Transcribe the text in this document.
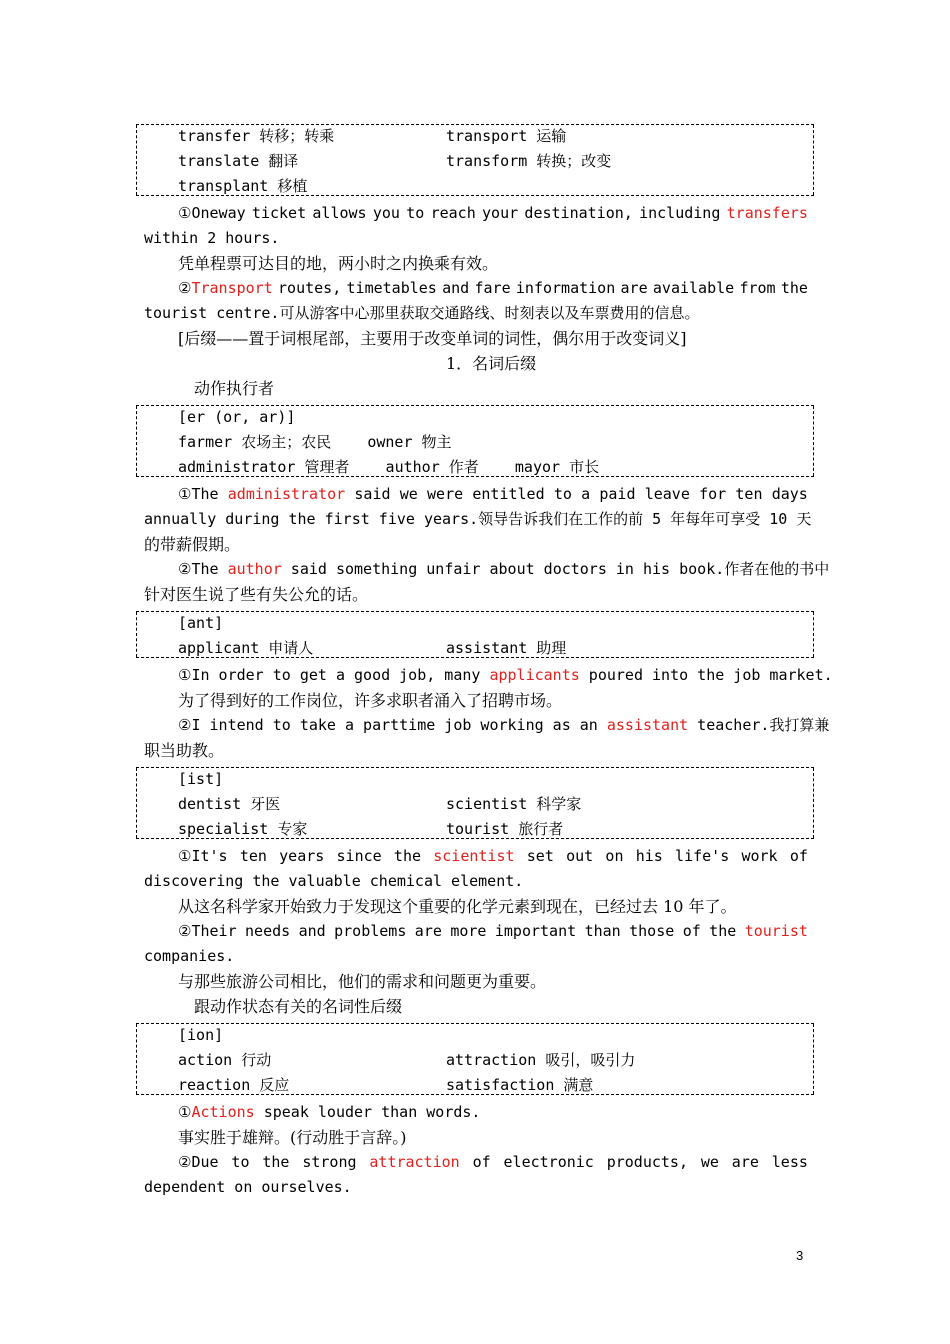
transfer 转移；转乘	transport 运输
translate 翻译	transform 转换；改变
transplant 移植
①Oneway ticket allows you to reach your destination, including transfers
within 2 hours.
凭单程票可达目的地，两小时之内换乘有效。
②Transport routes, timetables and fare information are available from the
tourist centre.可从游客中心那里获取交通路线、时刻表以及车票费用的信息。
[后缀——置于词根尾部，主要用于改变单词的词性，偶尔用于改变词义]
1．名词后缀
动作执行者
[er (or, ar)]
farmer 农场主；农民    owner 物主
administrator 管理者    author 作者    mayor 市长
①The administrator said we were entitled to a paid leave for ten days
annually during the first five years.领导告诉我们在工作的前 5 年每年可享受 10 天
的带薪假期。
②The author said something unfair about doctors in his book.作者在他的书中
针对医生说了些有失公允的话。
[ant]
applicant 申请人	assistant 助理
①In order to get a good job, many applicants poured into the job market.
为了得到好的工作岗位，许多求职者涌入了招聘市场。
②I intend to take a parttime job working as an assistant teacher.我打算兼
职当助教。
[ist]
dentist 牙医	scientist 科学家
specialist 专家	tourist 旅行者
①It's ten years since the scientist set out on his life's work of
discovering the valuable chemical element.
从这名科学家开始致力于发现这个重要的化学元素到现在，已经过去 10 年了。
②Their needs and problems are more important than those of the tourist
companies.
与那些旅游公司相比，他们的需求和问题更为重要。
跟动作状态有关的名词性后缀
[ion]
action 行动	attraction 吸引，吸引力
reaction 反应	satisfaction 满意
①Actions speak louder than words.
事实胜于雄辩。(行动胜于言辞。)
②Due to the strong attraction of electronic products, we are less
dependent on ourselves.
3
